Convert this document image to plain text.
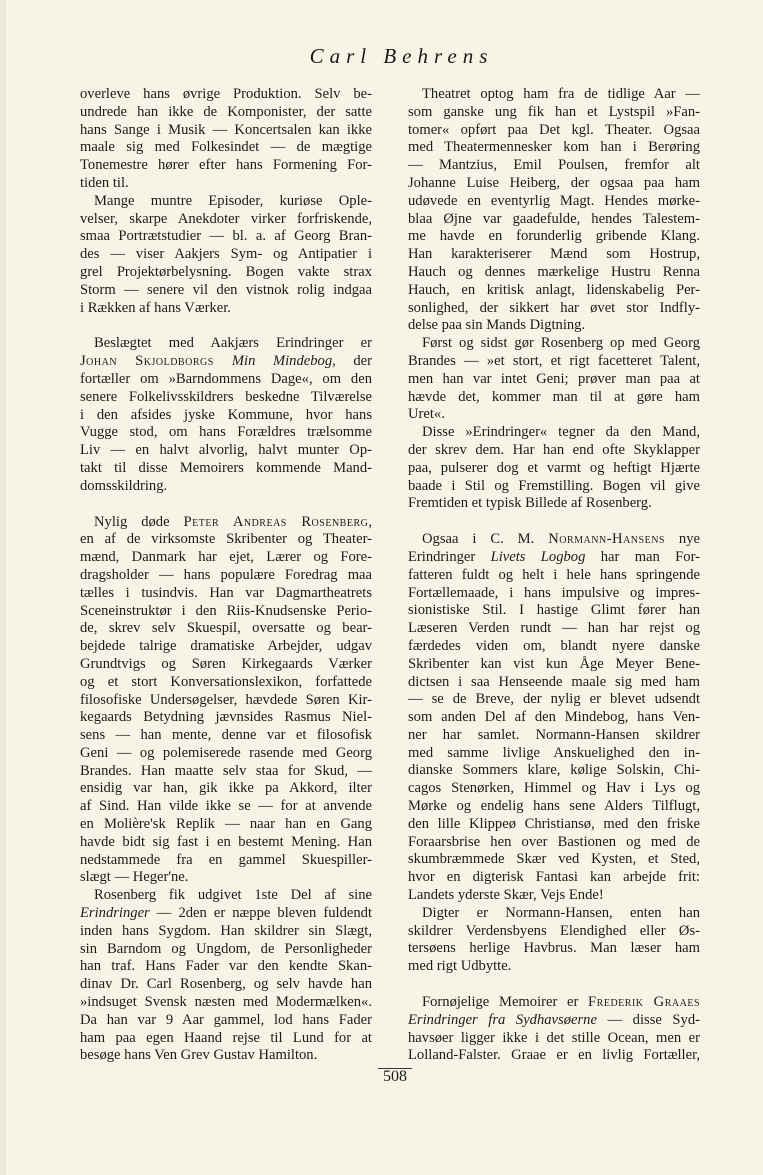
Carl Behrens
overleve hans øvrige Produktion. Selv be-
undrede han ikke de Komponister, der satte
hans Sange i Musik — Koncertsalen kan ikke
maale sig med Folkesindet — de mægtige
Tonemestre hører efter hans Formening For-
tiden til.
Mange muntre Episoder, kuriøse Ople-
velser, skarpe Anekdoter virker forfriskende,
smaa Portrætstudier — bl. a. af Georg Bran-
des — viser Aakjers Sym- og Antipatier i
grel Projektørbelysning. Bogen vakte strax
Storm — senere vil den vistnok rolig indgaa
i Rækken af hans Værker.
Beslægtet med Aakjærs Erindringer er
Johan Skjoldborgs Min Mindebog, der
fortæller om »Barndommens Dage«, om den
senere Folkelivsskildrers beskedne Tilværelse
i den afsides jyske Kommune, hvor hans
Vugge stod, om hans Forældres trælsomme
Liv — en halvt alvorlig, halvt munter Op-
takt til disse Memoirers kommende Mand-
domsskildring.
Nylig døde Peter Andreas Rosenberg,
en af de virksomste Skribenter og Theater-
mænd, Danmark har ejet, Lærer og Fore-
dragsholder — hans populære Foredrag maa
tælles i tusindvis. Han var Dagmartheatrets
Sceneinstruktør i den Riis-Knudsenske Perio-
de, skrev selv Skuespil, oversatte og bear-
bejdede talrige dramatiske Arbejder, udgav
Grundtvigs og Søren Kirkegaards Værker
og et stort Konversationslexikon, forfattede
filosofiske Undersøgelser, hævdede Søren Kir-
kegaards Betydning jævnsides Rasmus Niel-
sens — han mente, denne var et filosofisk
Geni — og polemiserede rasende med Georg
Brandes. Han maatte selv staa for Skud, —
ensidig var han, gik ikke pa Akkord, ilter
af Sind. Han vilde ikke se — for at anvende
en Molière'sk Replik — naar han en Gang
havde bidt sig fast i en bestemt Mening. Han
nedstammede fra en gammel Skuespiller-
slægt — Heger'ne.
Rosenberg fik udgivet 1ste Del af sine
Erindringer — 2den er næppe bleven fuldendt
inden hans Sygdom. Han skildrer sin Slægt,
sin Barndom og Ungdom, de Personligheder
han traf. Hans Fader var den kendte Skan-
dinav Dr. Carl Rosenberg, og selv havde han
»indsuget Svensk næsten med Modermælken«.
Da han var 9 Aar gammel, lod hans Fader
ham paa egen Haand rejse til Lund for at
besøge hans Ven Grev Gustav Hamilton.
Theatret optog ham fra de tidlige Aar —
som ganske ung fik han et Lystspil »Fan-
tomer« opført paa Det kgl. Theater. Ogsaa
med Theatermennesker kom han i Berøring
— Mantzius, Emil Poulsen, fremfor alt
Johanne Luise Heiberg, der ogsaa paa ham
udøvede en eventyrlig Magt. Hendes mørke-
blaa Øjne var gaadefulde, hendes Talestem-
me havde en forunderlig gribende Klang.
Han karakteriserer Mænd som Hostrup,
Hauch og dennes mærkelige Hustru Renna
Hauch, en kritisk anlagt, lidenskabelig Per-
sonlighed, der sikkert har øvet stor Indfly-
delse paa sin Mands Digtning.
Først og sidst gør Rosenberg op med Georg
Brandes — »et stort, et rigt facetteret Talent,
men han var intet Geni; prøver man paa at
hævde det, kommer man til at gøre ham
Uret«.
Disse »Erindringer« tegner da den Mand,
der skrev dem. Har han end ofte Skyklapper
paa, pulserer dog et varmt og heftigt Hjærte
baade i Stil og Fremstilling. Bogen vil give
Fremtiden et typisk Billede af Rosenberg.
Ogsaa i C. M. Normann-Hansens nye
Erindringer Livets Logbog har man For-
fatteren fuldt og helt i hele hans springende
Fortællemaade, i hans impulsive og impres-
sionistiske Stil. I hastige Glimt fører han
Læseren Verden rundt — han har rejst og
færdedes viden om, blandt nyere danske
Skribenter kan vist kun Åge Meyer Bene-
dictsen i saa Henseende maale sig med ham
— se de Breve, der nylig er blevet udsendt
som anden Del af den Mindebog, hans Ven-
ner har samlet. Normann-Hansen skildrer
med samme livlige Anskuelighed den in-
dianske Sommers klare, kølige Solskin, Chi-
cagos Stenørken, Himmel og Hav i Lys og
Mørke og endelig hans sene Alders Tilflugt,
den lille Klippeø Christiansø, med den friske
Foraarsbrise hen over Bastionen og med de
skumbræmmede Skær ved Kysten, et Sted,
hvor en digterisk Fantasi kan arbejde frit:
Landets yderste Skær, Vejs Ende!
Digter er Normann-Hansen, enten han
skildrer Verdensbyens Elendighed eller Øs-
tersøens herlige Havbrus. Man læser ham
med rigt Udbytte.
Fornøjelige Memoirer er Frederik Graaes
Erindringer fra Sydhavsøerne — disse Syd-
havsøer ligger ikke i det stille Ocean, men er
Lolland-Falster. Graae er en livlig Fortæller,
508
